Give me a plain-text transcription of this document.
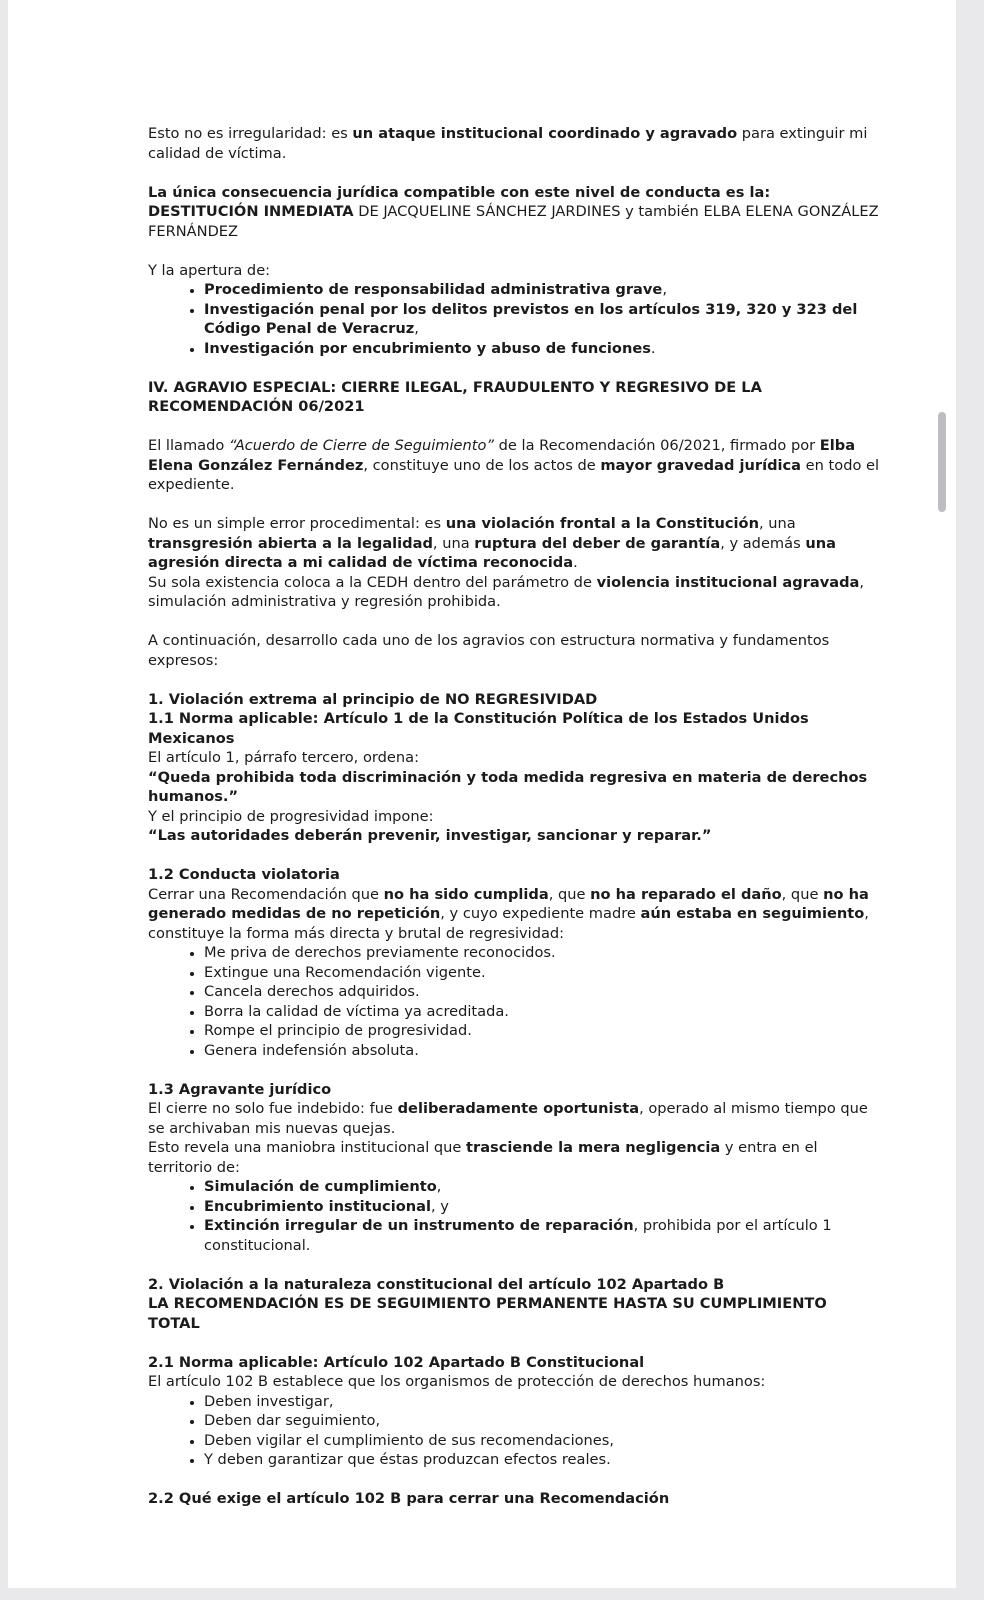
Esto no es irregularidad: es un ataque institucional coordinado y agravado para extinguir mi calidad de víctima.

La única consecuencia jurídica compatible con este nivel de conducta es la:

DESTITUCIÓN INMEDIATA DE JACQUELINE SÁNCHEZ JARDINES y también ELBA ELENA GONZÁLEZ FERNÁNDEZ

Y la apertura de:

• Procedimiento de responsabilidad administrativa grave,
• Investigación penal por los delitos previstos en los artículos 319, 320 y 323 del Código Penal de Veracruz,
• Investigación por encubrimiento y abuso de funciones.

IV. AGRAVIO ESPECIAL: CIERRE ILEGAL, FRAUDULENTO Y REGRESIVO DE LA RECOMENDACIÓN 06/2021

El llamado “Acuerdo de Cierre de Seguimiento” de la Recomendación 06/2021, firmado por Elba Elena González Fernández, constituye uno de los actos de mayor gravedad jurídica en todo el expediente.

No es un simple error procedimental: es una violación frontal a la Constitución, una transgresión abierta a la legalidad, una ruptura del deber de garantía, y además una agresión directa a mi calidad de víctima reconocida.

Su sola existencia coloca a la CEDH dentro del parámetro de violencia institucional agravada, simulación administrativa y regresión prohibida.

A continuación, desarrollo cada uno de los agravios con estructura normativa y fundamentos expresos:

1. Violación extrema al principio de NO REGRESIVIDAD

1.1 Norma aplicable: Artículo 1 de la Constitución Política de los Estados Unidos Mexicanos

El artículo 1, párrafo tercero, ordena:

“Queda prohibida toda discriminación y toda medida regresiva en materia de derechos humanos.”

Y el principio de progresividad impone:

“Las autoridades deberán prevenir, investigar, sancionar y reparar.”

1.2 Conducta violatoria

Cerrar una Recomendación que no ha sido cumplida, que no ha reparado el daño, que no ha generado medidas de no repetición, y cuyo expediente madre aún estaba en seguimiento, constituye la forma más directa y brutal de regresividad:

• Me priva de derechos previamente reconocidos.
• Extingue una Recomendación vigente.
• Cancela derechos adquiridos.
• Borra la calidad de víctima ya acreditada.
• Rompe el principio de progresividad.
• Genera indefensión absoluta.

1.3 Agravante jurídico

El cierre no solo fue indebido: fue deliberadamente oportunista, operado al mismo tiempo que se archivaban mis nuevas quejas.

Esto revela una maniobra institucional que trasciende la mera negligencia y entra en el territorio de:

• Simulación de cumplimiento,
• Encubrimiento institucional, y
• Extinción irregular de un instrumento de reparación, prohibida por el artículo 1 constitucional.

2. Violación a la naturaleza constitucional del artículo 102 Apartado B

LA RECOMENDACIÓN ES DE SEGUIMIENTO PERMANENTE HASTA SU CUMPLIMIENTO TOTAL

2.1 Norma aplicable: Artículo 102 Apartado B Constitucional

El artículo 102 B establece que los organismos de protección de derechos humanos:

• Deben investigar,
• Deben dar seguimiento,
• Deben vigilar el cumplimiento de sus recomendaciones,
• Y deben garantizar que éstas produzcan efectos reales.

2.2 Qué exige el artículo 102 B para cerrar una Recomendación
